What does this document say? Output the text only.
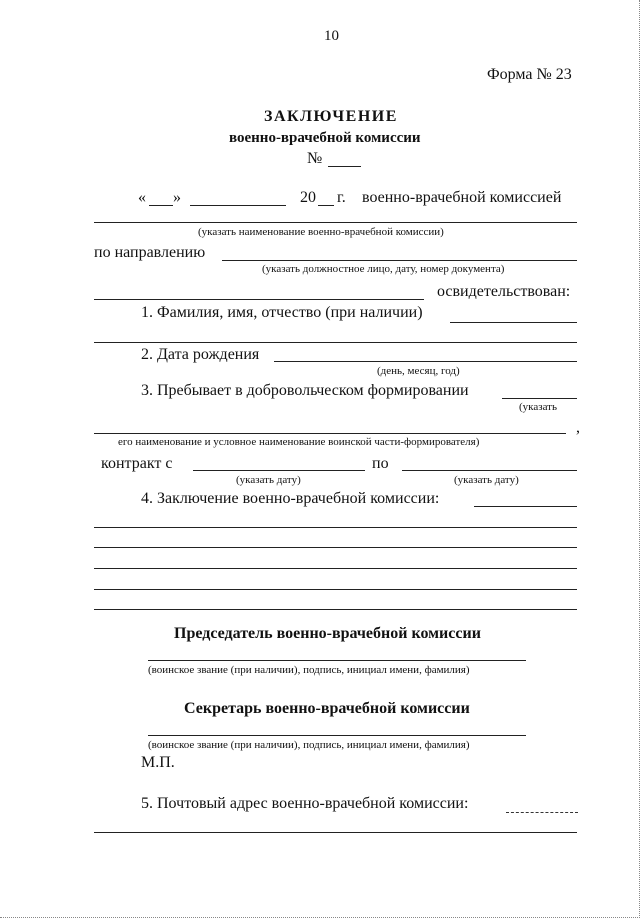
10
Форма № 23
ЗАКЛЮЧЕНИЕ
военно-врачебной комиссии
№
« »	20 г. военно-врачебной комиссией
(указать наименование военно-врачебной комиссии)
по направлению
(указать должностное лицо, дату, номер документа)
освидетельствован:
1. Фамилия, имя, отчество (при наличии)
2. Дата рождения
(день, месяц, год)
3. Пребывает в добровольческом формировании
(указать
,
его наименование и условное наименование воинской части-формирователя)
контракт с	по
(указать дату)	(указать дату)
4. Заключение военно-врачебной комиссии:
Председатель военно-врачебной комиссии
(воинское звание (при наличии), подпись, инициал имени, фамилия)
Секретарь военно-врачебной комиссии
(воинское звание (при наличии), подпись, инициал имени, фамилия)
М.П.
5. Почтовый адрес военно-врачебной комиссии:
